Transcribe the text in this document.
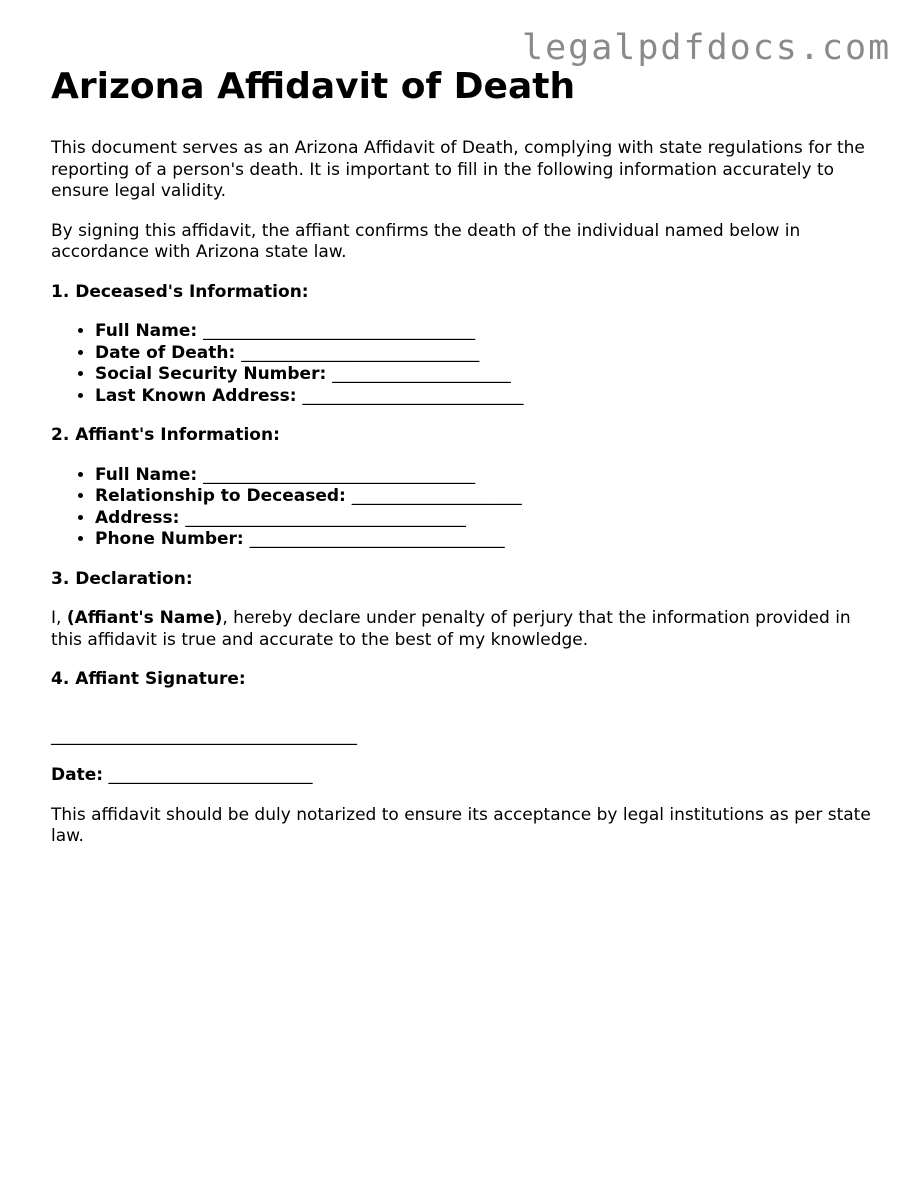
legalpdfdocs.com
Arizona Affidavit of Death

This document serves as an Arizona Affidavit of Death, complying with state regulations for the reporting of a person's death. It is important to fill in the following information accurately to ensure legal validity.

By signing this affidavit, the affiant confirms the death of the individual named below in accordance with Arizona state law.

1. Deceased's Information:
• Full Name: ________________________________
• Date of Death: ____________________________
• Social Security Number: _____________________
• Last Known Address: __________________________
2. Affiant's Information:
• Full Name: ________________________________
• Relationship to Deceased: ____________________
• Address: _________________________________
• Phone Number: ______________________________
3. Declaration:

I, (Affiant's Name), hereby declare under penalty of perjury that the information provided in this affidavit is true and accurate to the best of my knowledge.

4. Affiant Signature:
____________________________________
Date: ________________________

This affidavit should be duly notarized to ensure its acceptance by legal institutions as per state law.
